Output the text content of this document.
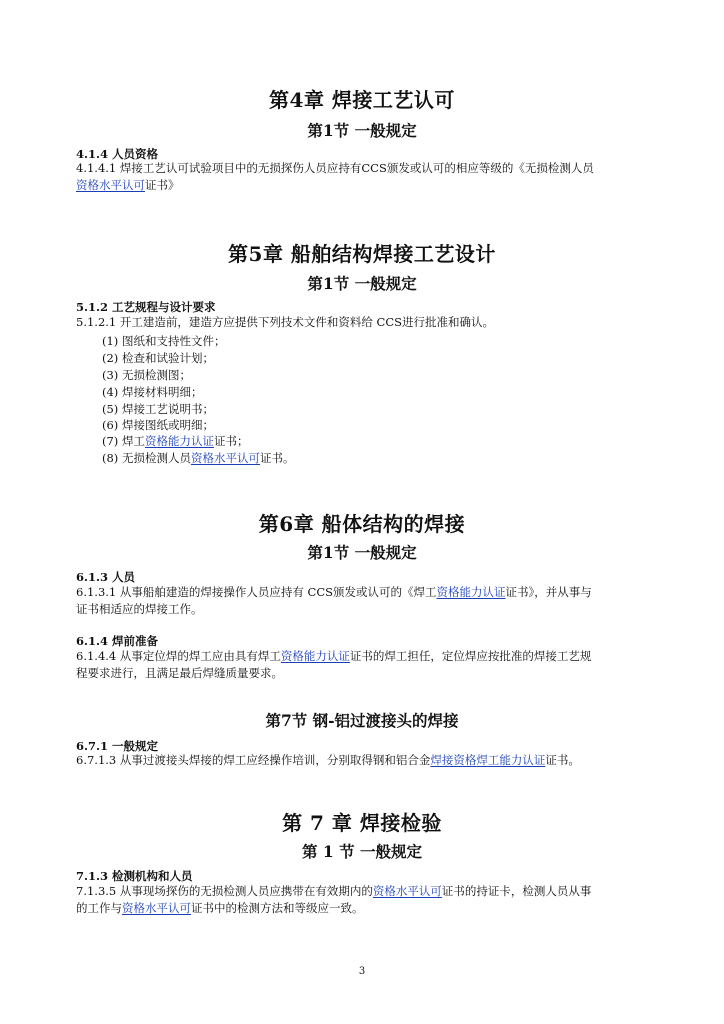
第4章 焊接工艺认可
第1节 一般规定
4.1.4 人员资格
4.1.4.1 焊接工艺认可试验项目中的无损探伤人员应持有CCS颁发或认可的相应等级的《无损检测人员
资格水平认可证书》
第5章 船舶结构焊接工艺设计
第1节 一般规定
5.1.2 工艺规程与设计要求
5.1.2.1 开工建造前，建造方应提供下列技术文件和资料给 CCS进行批准和确认。
(1) 图纸和支持性文件；
(2) 检查和试验计划；
(3) 无损检测图；
(4) 焊接材料明细；
(5) 焊接工艺说明书；
(6) 焊接图纸或明细；
(7) 焊工资格能力认证证书；
(8) 无损检测人员资格水平认可证书。
第6章 船体结构的焊接
第1节 一般规定
6.1.3 人员
6.1.3.1 从事船舶建造的焊接操作人员应持有 CCS颁发或认可的《焊工资格能力认证证书》，并从事与
证书相适应的焊接工作。
6.1.4 焊前准备
6.1.4.4 从事定位焊的焊工应由具有焊工资格能力认证证书的焊工担任，定位焊应按批准的焊接工艺规
程要求进行，且满足最后焊缝质量要求。
第7节 钢-铝过渡接头的焊接
6.7.1 一般规定
6.7.1.3 从事过渡接头焊接的焊工应经操作培训，分别取得钢和铝合金焊接资格焊工能力认证证书。
第 7 章 焊接检验
第 1 节 一般规定
7.1.3 检测机构和人员
7.1.3.5 从事现场探伤的无损检测人员应携带在有效期内的资格水平认可证书的持证卡，检测人员从事
的工作与资格水平认可证书中的检测方法和等级应一致。
3
